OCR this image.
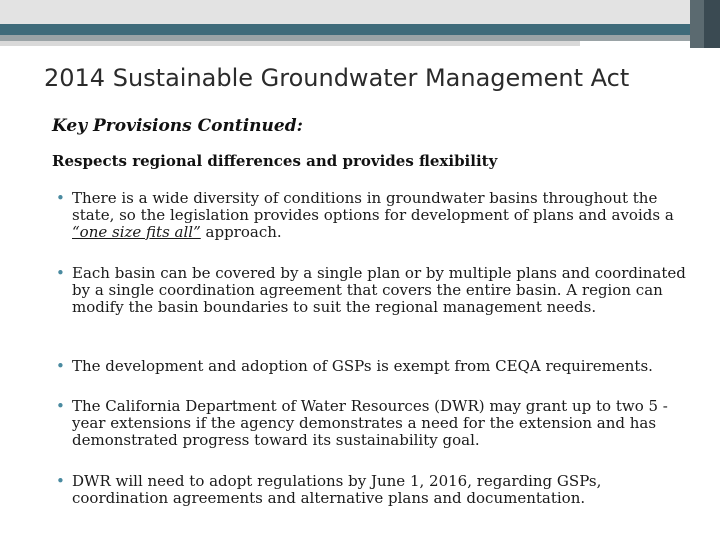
2014 Sustainable Groundwater Management Act

Key Provisions Continued:

Respects regional differences and provides flexibility

• There is a wide diversity of conditions in groundwater basins throughout the state, so the legislation provides options for development of plans and avoids a “one size fits all” approach.
• Each basin can be covered by a single plan or by multiple plans and coordinated by a single coordination agreement that covers the entire basin. A region can modify the basin boundaries to suit the regional management needs.
• The development and adoption of GSPs is exempt from CEQA requirements.
• The California Department of Water Resources (DWR) may grant up to two 5 - year extensions if the agency demonstrates a need for the extension and has demonstrated progress toward its sustainability goal.
• DWR will need to adopt regulations by June 1, 2016, regarding GSPs, coordination agreements and alternative plans and documentation.
